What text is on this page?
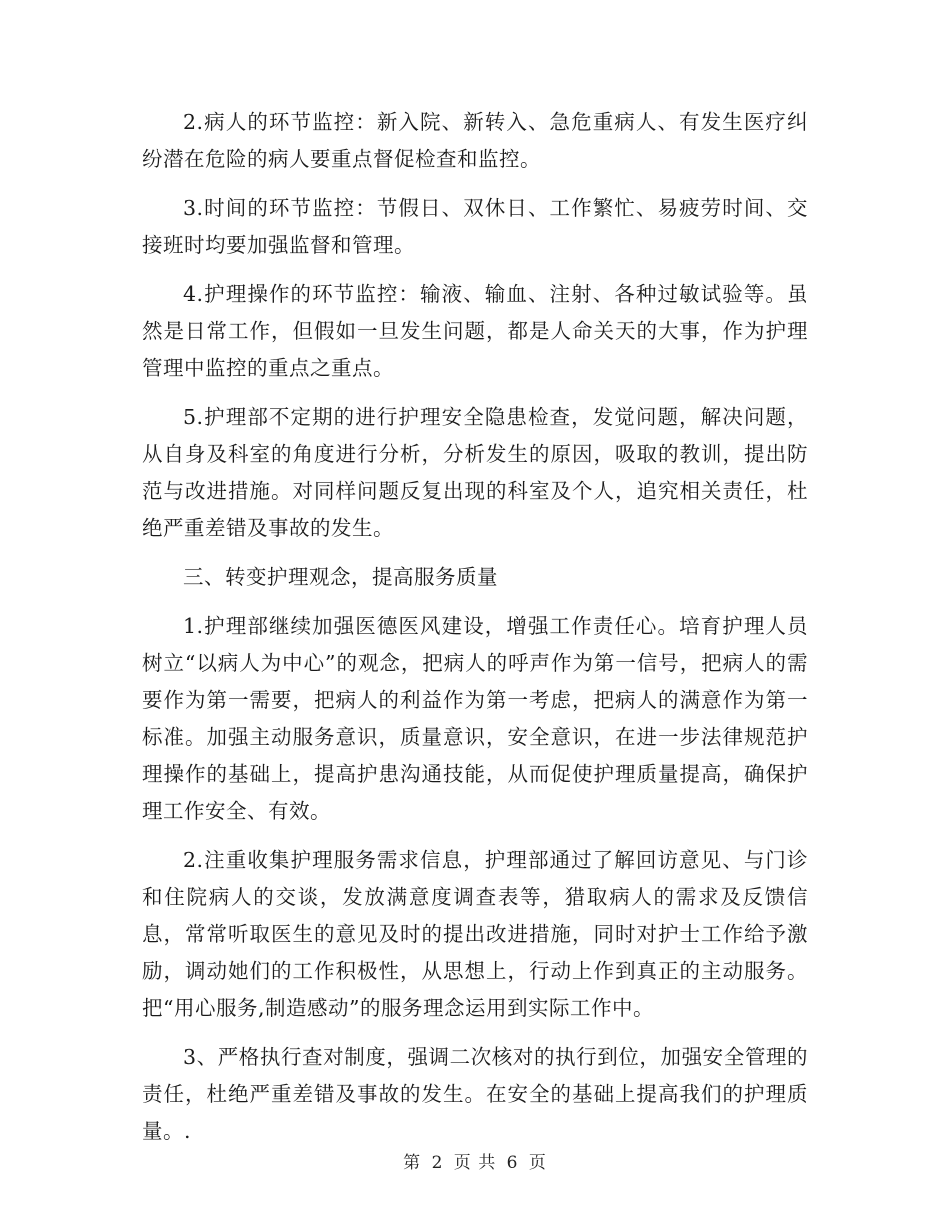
2.病人的环节监控：新入院、新转入、急危重病人、有发生医疗纠纷潜在危险的病人要重点督促检查和监控。

3.时间的环节监控：节假日、双休日、工作繁忙、易疲劳时间、交接班时均要加强监督和管理。

4.护理操作的环节监控：输液、输血、注射、各种过敏试验等。虽然是日常工作，但假如一旦发生问题，都是人命关天的大事，作为护理管理中监控的重点之重点。

5.护理部不定期的进行护理安全隐患检查，发觉问题，解决问题，从自身及科室的角度进行分析，分析发生的原因，吸取的教训，提出防范与改进措施。对同样问题反复出现的科室及个人，追究相关责任，杜绝严重差错及事故的发生。

三、转变护理观念，提高服务质量

1.护理部继续加强医德医风建设，增强工作责任心。培育护理人员树立“以病人为中心”的观念，把病人的呼声作为第一信号，把病人的需要作为第一需要，把病人的利益作为第一考虑，把病人的满意作为第一标准。加强主动服务意识，质量意识，安全意识，在进一步法律规范护理操作的基础上，提高护患沟通技能，从而促使护理质量提高，确保护理工作安全、有效。

2.注重收集护理服务需求信息，护理部通过了解回访意见、与门诊和住院病人的交谈，发放满意度调查表等，猎取病人的需求及反馈信息，常常听取医生的意见及时的提出改进措施，同时对护士工作给予激励，调动她们的工作积极性，从思想上，行动上作到真正的主动服务。把“用心服务,制造感动”的服务理念运用到实际工作中。

3、严格执行查对制度，强调二次核对的执行到位，加强安全管理的责任，杜绝严重差错及事故的发生。在安全的基础上提高我们的护理质量。.

第 2 页 共 6 页
